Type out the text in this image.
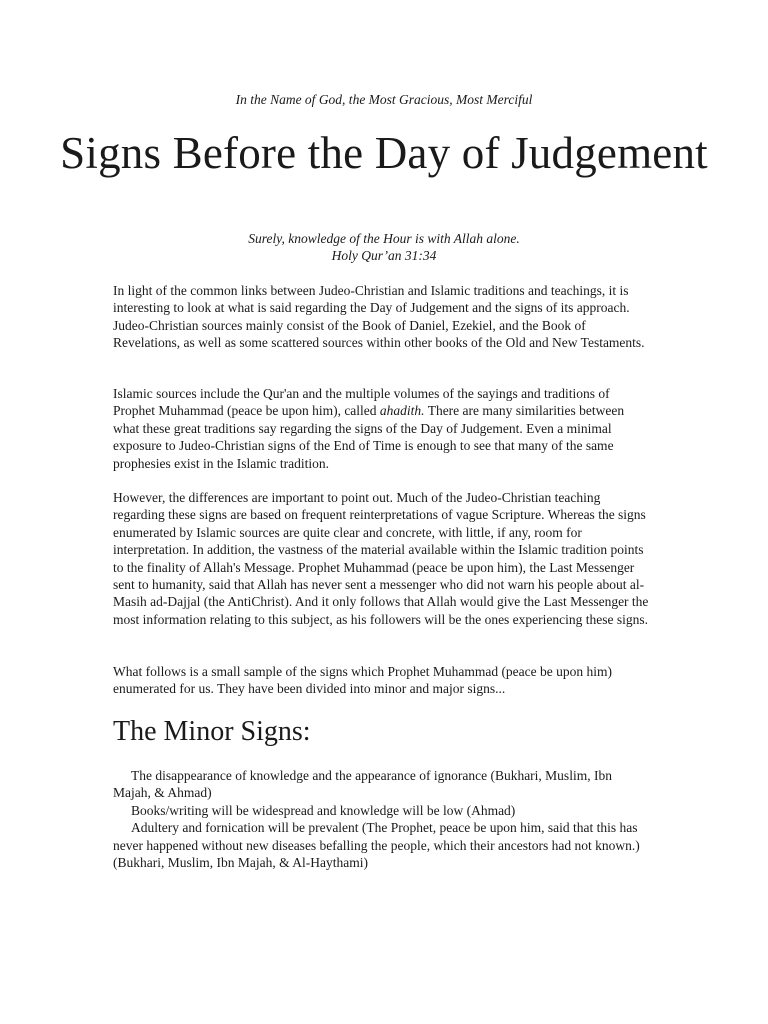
In the Name of God, the Most Gracious, Most Merciful
Signs Before the Day of Judgement
Surely, knowledge of the Hour is with Allah alone.
Holy Qur’an 31:34

In light of the common links between Judeo-Christian and Islamic traditions and teachings, it is interesting to look at what is said regarding the Day of Judgement and the signs of its approach. Judeo-Christian sources mainly consist of the Book of Daniel, Ezekiel, and the Book of Revelations, as well as some scattered sources within other books of the Old and New Testaments.

Islamic sources include the Qur'an and the multiple volumes of the sayings and traditions of Prophet Muhammad (peace be upon him), called ahadith. There are many similarities between what these great traditions say regarding the signs of the Day of Judgement. Even a minimal exposure to Judeo-Christian signs of the End of Time is enough to see that many of the same prophesies exist in the Islamic tradition.

However, the differences are important to point out. Much of the Judeo-Christian teaching regarding these signs are based on frequent reinterpretations of vague Scripture. Whereas the signs enumerated by Islamic sources are quite clear and concrete, with little, if any, room for interpretation. In addition, the vastness of the material available within the Islamic tradition points to the finality of Allah's Message. Prophet Muhammad (peace be upon him), the Last Messenger sent to humanity, said that Allah has never sent a messenger who did not warn his people about al-Masih ad-Dajjal (the AntiChrist). And it only follows that Allah would give the Last Messenger the most information relating to this subject, as his followers will be the ones experiencing these signs.

What follows is a small sample of the signs which Prophet Muhammad (peace be upon him) enumerated for us. They have been divided into minor and major signs...

The Minor Signs:
The disappearance of knowledge and the appearance of ignorance (Bukhari, Muslim, Ibn Majah, & Ahmad)
Books/writing will be widespread and knowledge will be low (Ahmad)
Adultery and fornication will be prevalent (The Prophet, peace be upon him, said that this has never happened without new diseases befalling the people, which their ancestors had not known.) (Bukhari, Muslim, Ibn Majah, & Al-Haythami)
